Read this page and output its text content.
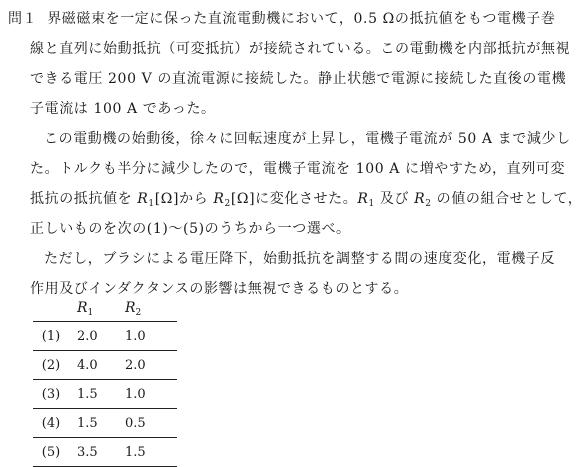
問１ 界磁磁束を一定に保った直流電動機において，0.5 Ωの抵抗値をもつ電機子巻
線と直列に始動抵抗（可変抵抗）が接続されている。この電動機を内部抵抗が無視
できる電圧 200 V の直流電源に接続した。静止状態で電源に接続した直後の電機
子電流は 100 A であった。
この電動機の始動後，徐々に回転速度が上昇し，電機子電流が 50 A まで減少し
た。トルクも半分に減少したので，電機子電流を 100 A に増やすため，直列可変
抵抗の抵抗値を $R_1[\Omega]$から $R_2[\Omega]$に変化させた。$R_1$ 及び $R_2$ の値の組合せとして，
正しいものを次の(1)～(5)のうちから一つ選べ。
ただし，ブラシによる電圧降下，始動抵抗を調整する間の速度変化，電機子反
作用及びインダクタンスの影響は無視できるものとする。
	$R_1$	$R_2$
(1)	2.0	1.0
(2)	4.0	2.0
(3)	1.5	1.0
(4)	1.5	0.5
(5)	3.5	1.5
